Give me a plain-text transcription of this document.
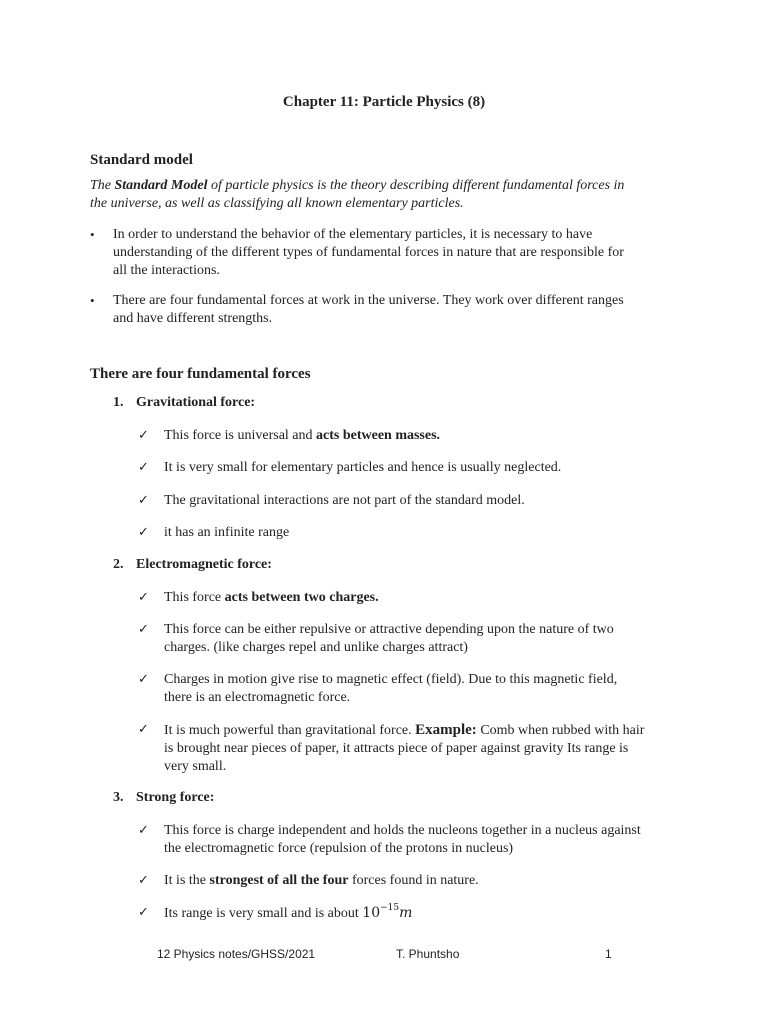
Chapter 11: Particle Physics (8)
Standard model
The Standard Model of particle physics is the theory describing different fundamental forces in
the universe, as well as classifying all known elementary particles.
• In order to understand the behavior of the elementary particles, it is necessary to have
understanding of the different types of fundamental forces in nature that are responsible for
all the interactions.
• There are four fundamental forces at work in the universe. They work over different ranges
and have different strengths.
There are four fundamental forces
1. Gravitational force:
✓ This force is universal and acts between masses.
✓ It is very small for elementary particles and hence is usually neglected.
✓ The gravitational interactions are not part of the standard model.
✓ it has an infinite range
2. Electromagnetic force:
✓ This force acts between two charges.
✓ This force can be either repulsive or attractive depending upon the nature of two
charges. (like charges repel and unlike charges attract)
✓ Charges in motion give rise to magnetic effect (field). Due to this magnetic field,
there is an electromagnetic force.
✓ It is much powerful than gravitational force. Example: Comb when rubbed with hair
is brought near pieces of paper, it attracts piece of paper against gravity Its range is
very small.
3. Strong force:
✓ This force is charge independent and holds the nucleons together in a nucleus against
the electromagnetic force (repulsion of the protons in nucleus)
✓ It is the strongest of all the four forces found in nature.
✓ Its range is very small and is about $10^{-15}m$
12 Physics notes/GHSS/2021	T. Phuntsho	1
